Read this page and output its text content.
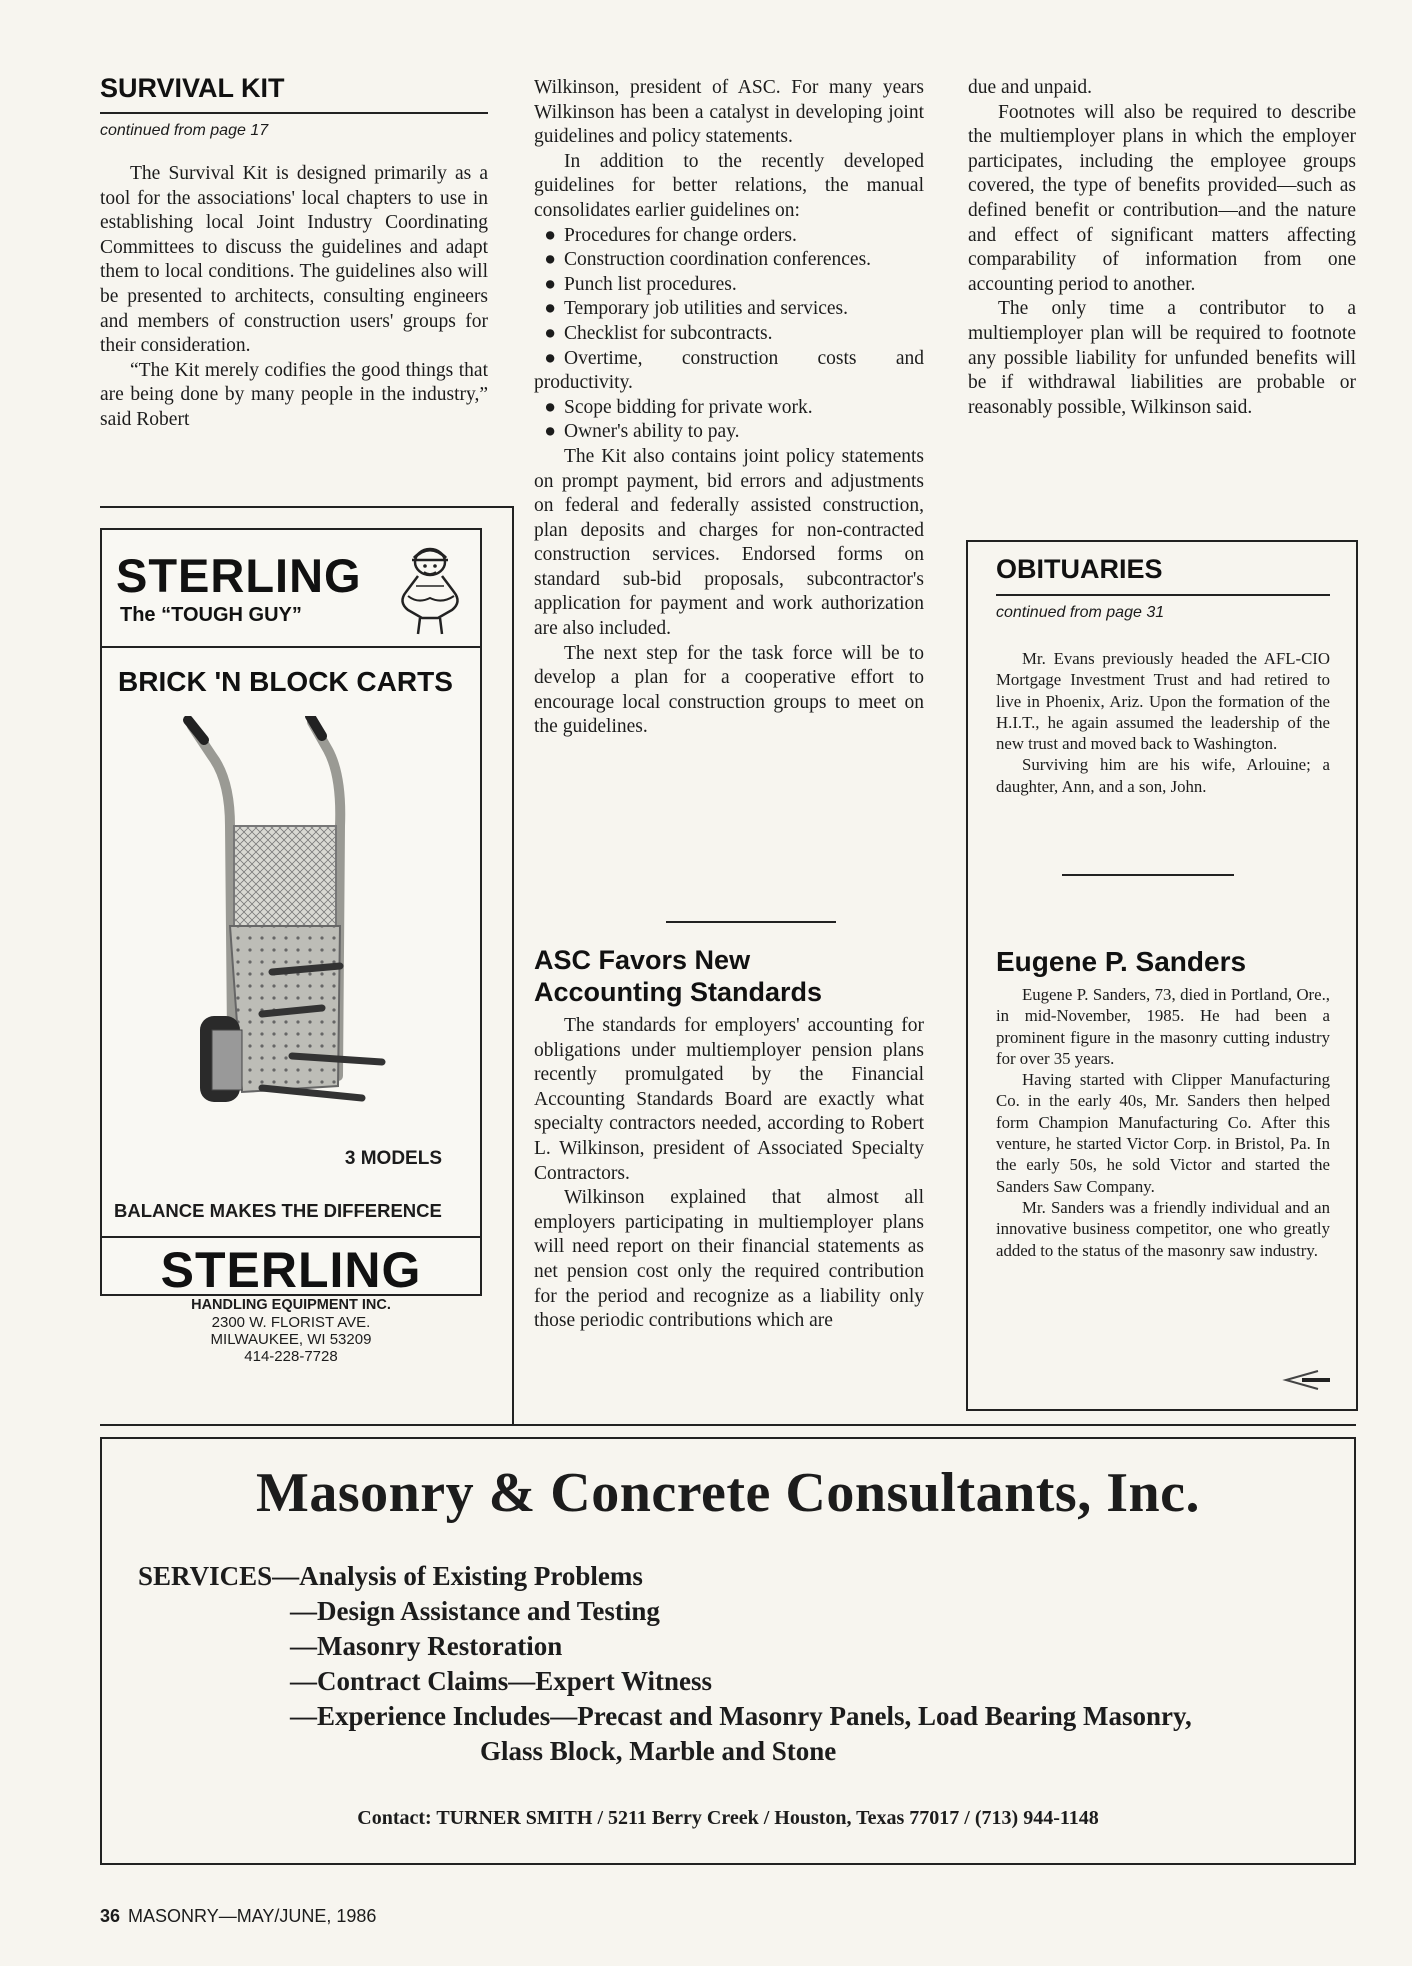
SURVIVAL KIT
continued from page 17

The Survival Kit is designed primarily as a tool for the associations' local chapters to use in establishing local Joint Industry Coordinating Committees to discuss the guidelines and adapt them to local conditions. The guidelines also will be presented to architects, consulting engineers and members of construction users' groups for their consideration.

“The Kit merely codifies the good things that are being done by many people in the industry,” said Robert

STERLING
The “TOUGH GUY”
BRICK 'N BLOCK CARTS
3 MODELS
BALANCE MAKES THE DIFFERENCE
STERLING
HANDLING EQUIPMENT INC.
2300 W. FLORIST AVE.
MILWAUKEE, WI 53209
414-228-7728

Wilkinson, president of ASC. For many years Wilkinson has been a catalyst in developing joint guidelines and policy statements.

In addition to the recently developed guidelines for better relations, the manual consolidates earlier guidelines on:

● Procedures for change orders.

● Construction coordination conferences.

● Punch list procedures.

● Temporary job utilities and services.

● Checklist for subcontracts.

● Overtime, construction costs and productivity.

● Scope bidding for private work.

● Owner's ability to pay.

The Kit also contains joint policy statements on prompt payment, bid errors and adjustments on federal and federally assisted construction, plan deposits and charges for non-contracted construction services. Endorsed forms on standard sub-bid proposals, subcontractor's application for payment and work authorization are also included.

The next step for the task force will be to develop a plan for a cooperative effort to encourage local construction groups to meet on the guidelines.

ASC Favors New
Accounting Standards

The standards for employers' accounting for obligations under multiemployer pension plans recently promulgated by the Financial Accounting Standards Board are exactly what specialty contractors needed, according to Robert L. Wilkinson, president of Associated Specialty Contractors.

Wilkinson explained that almost all employers participating in multiemployer plans will need report on their financial statements as net pension cost only the required contribution for the period and recognize as a liability only those periodic contributions which are

due and unpaid.

Footnotes will also be required to describe the multiemployer plans in which the employer participates, including the employee groups covered, the type of benefits provided—such as defined benefit or contribution—and the nature and effect of significant matters affecting comparability of information from one accounting period to another.

The only time a contributor to a multiemployer plan will be required to footnote any possible liability for unfunded benefits will be if withdrawal liabilities are probable or reasonably possible, Wilkinson said.

OBITUARIES
continued from page 31

Mr. Evans previously headed the AFL-CIO Mortgage Investment Trust and had retired to live in Phoenix, Ariz. Upon the formation of the H.I.T., he again assumed the leadership of the new trust and moved back to Washington.

Surviving him are his wife, Arlouine; a daughter, Ann, and a son, John.

Eugene P. Sanders

Eugene P. Sanders, 73, died in Portland, Ore., in mid-November, 1985. He had been a prominent figure in the masonry cutting industry for over 35 years.

Having started with Clipper Manufacturing Co. in the early 40s, Mr. Sanders then helped form Champion Manufacturing Co. After this venture, he started Victor Corp. in Bristol, Pa. In the early 50s, he sold Victor and started the Sanders Saw Company.

Mr. Sanders was a friendly individual and an innovative business competitor, one who greatly added to the status of the masonry saw industry.

Masonry & Concrete Consultants, Inc.
SERVICES—Analysis of Existing Problems
—Design Assistance and Testing
—Masonry Restoration
—Contract Claims—Expert Witness
—Experience Includes—Precast and Masonry Panels, Load Bearing Masonry,
Glass Block, Marble and Stone
Contact: TURNER SMITH / 5211 Berry Creek / Houston, Texas 77017 / (713) 944-1148
36 MASONRY—MAY/JUNE, 1986
